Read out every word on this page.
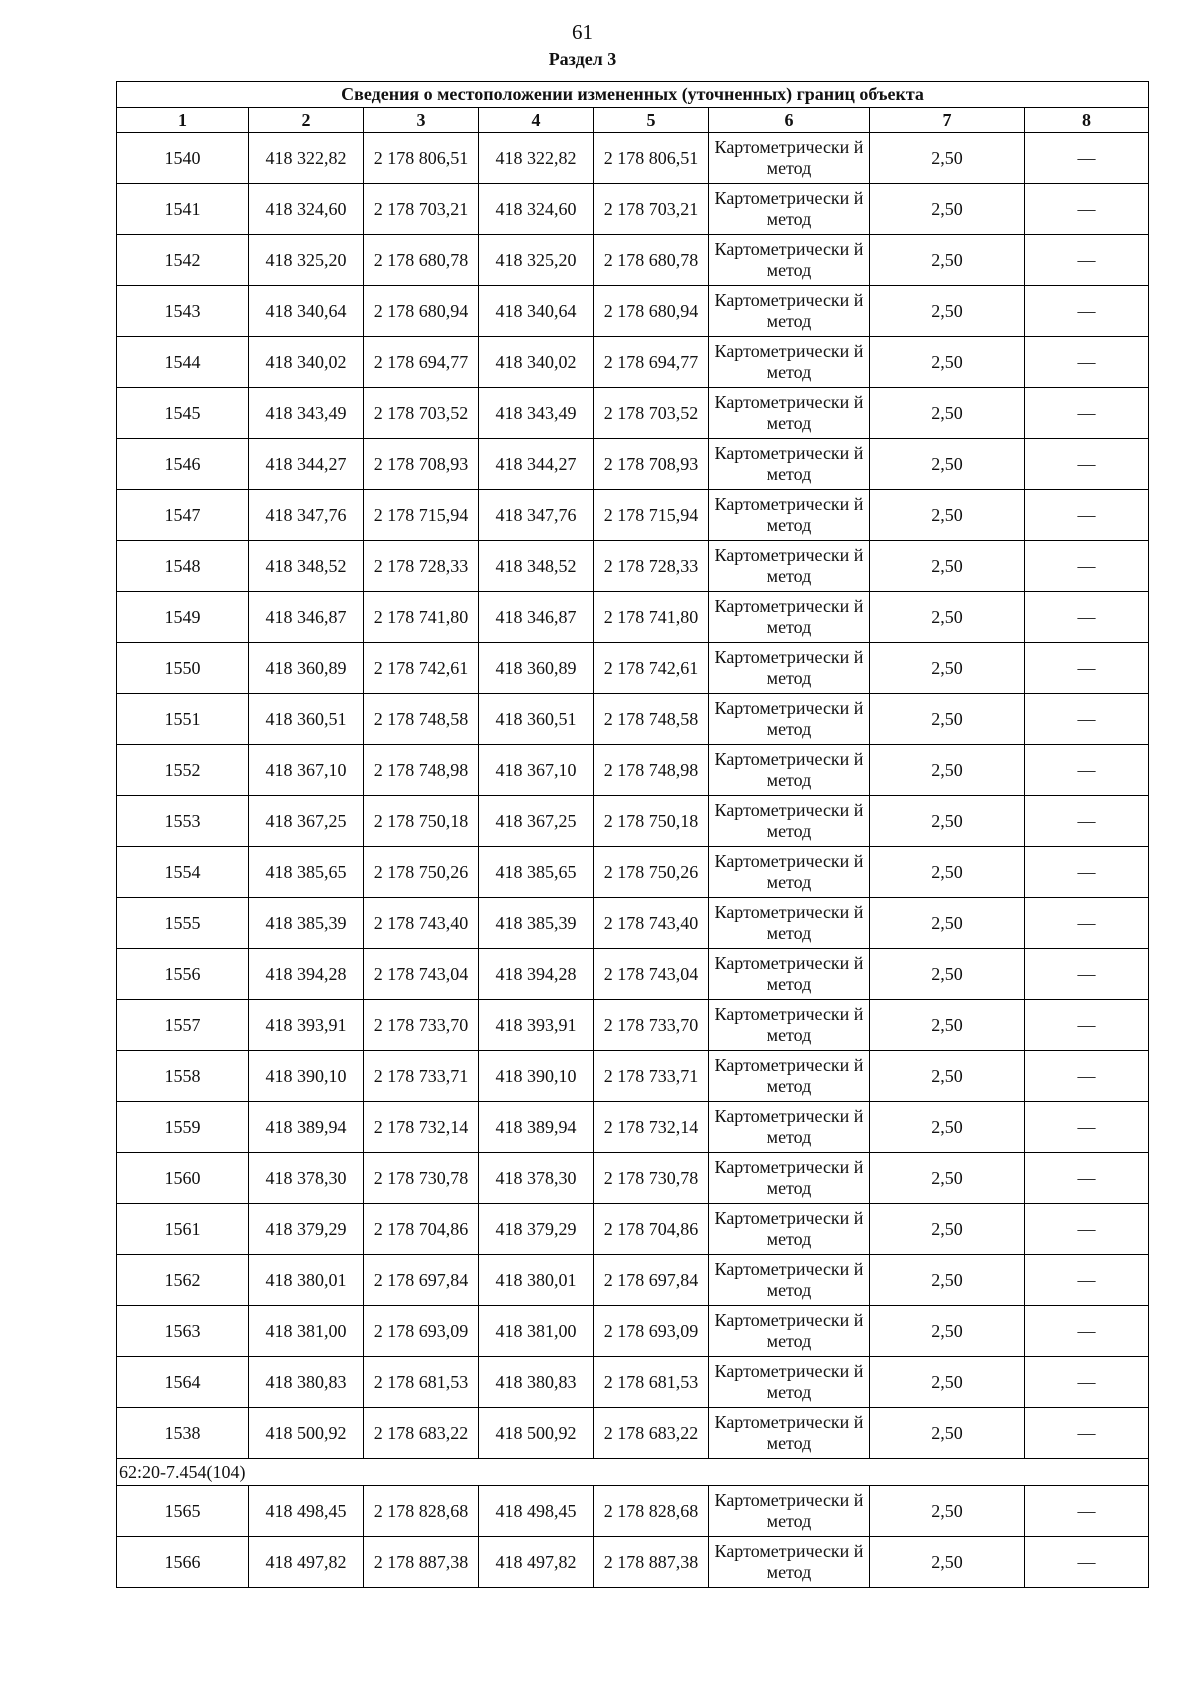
61
Раздел 3
Сведения о местоположении измененных (уточненных) границ объекта							
1	2	3	4	5	6	7	8
1540	418 322,82	2 178 806,51	418 322,82	2 178 806,51	Картометрически й метод	2,50	—
1541	418 324,60	2 178 703,21	418 324,60	2 178 703,21	Картометрически й метод	2,50	—
1542	418 325,20	2 178 680,78	418 325,20	2 178 680,78	Картометрически й метод	2,50	—
1543	418 340,64	2 178 680,94	418 340,64	2 178 680,94	Картометрически й метод	2,50	—
1544	418 340,02	2 178 694,77	418 340,02	2 178 694,77	Картометрически й метод	2,50	—
1545	418 343,49	2 178 703,52	418 343,49	2 178 703,52	Картометрически й метод	2,50	—
1546	418 344,27	2 178 708,93	418 344,27	2 178 708,93	Картометрически й метод	2,50	—
1547	418 347,76	2 178 715,94	418 347,76	2 178 715,94	Картометрически й метод	2,50	—
1548	418 348,52	2 178 728,33	418 348,52	2 178 728,33	Картометрически й метод	2,50	—
1549	418 346,87	2 178 741,80	418 346,87	2 178 741,80	Картометрически й метод	2,50	—
1550	418 360,89	2 178 742,61	418 360,89	2 178 742,61	Картометрически й метод	2,50	—
1551	418 360,51	2 178 748,58	418 360,51	2 178 748,58	Картометрически й метод	2,50	—
1552	418 367,10	2 178 748,98	418 367,10	2 178 748,98	Картометрически й метод	2,50	—
1553	418 367,25	2 178 750,18	418 367,25	2 178 750,18	Картометрически й метод	2,50	—
1554	418 385,65	2 178 750,26	418 385,65	2 178 750,26	Картометрически й метод	2,50	—
1555	418 385,39	2 178 743,40	418 385,39	2 178 743,40	Картометрически й метод	2,50	—
1556	418 394,28	2 178 743,04	418 394,28	2 178 743,04	Картометрически й метод	2,50	—
1557	418 393,91	2 178 733,70	418 393,91	2 178 733,70	Картометрически й метод	2,50	—
1558	418 390,10	2 178 733,71	418 390,10	2 178 733,71	Картометрически й метод	2,50	—
1559	418 389,94	2 178 732,14	418 389,94	2 178 732,14	Картометрически й метод	2,50	—
1560	418 378,30	2 178 730,78	418 378,30	2 178 730,78	Картометрически й метод	2,50	—
1561	418 379,29	2 178 704,86	418 379,29	2 178 704,86	Картометрически й метод	2,50	—
1562	418 380,01	2 178 697,84	418 380,01	2 178 697,84	Картометрически й метод	2,50	—
1563	418 381,00	2 178 693,09	418 381,00	2 178 693,09	Картометрически й метод	2,50	—
1564	418 380,83	2 178 681,53	418 380,83	2 178 681,53	Картометрически й метод	2,50	—
1538	418 500,92	2 178 683,22	418 500,92	2 178 683,22	Картометрически й метод	2,50	—
62:20-7.454(104)							
1565	418 498,45	2 178 828,68	418 498,45	2 178 828,68	Картометрически й метод	2,50	—
1566	418 497,82	2 178 887,38	418 497,82	2 178 887,38	Картометрически й метод	2,50	—
